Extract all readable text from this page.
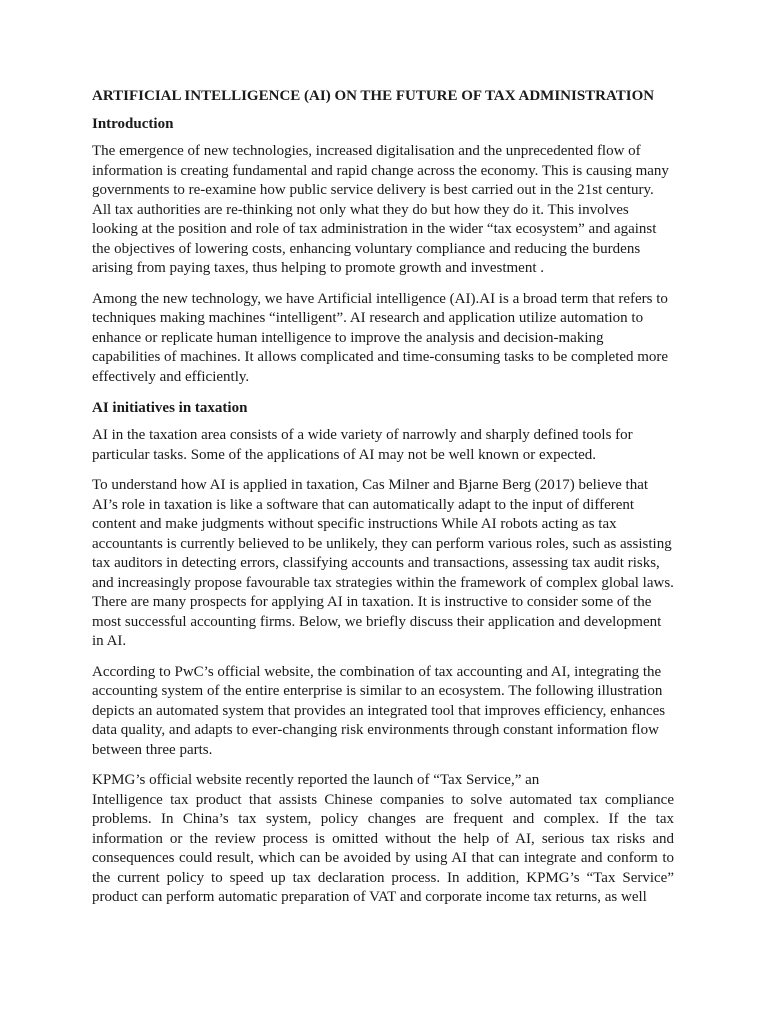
ARTIFICIAL INTELLIGENCE (AI) ON THE FUTURE OF TAX ADMINISTRATION
Introduction

The emergence of new technologies, increased digitalisation and the unprecedented flow of information is creating fundamental and rapid change across the economy. This is causing many governments to re-examine how public service delivery is best carried out in the 21st century. All tax authorities are re-thinking not only what they do but how they do it. This involves looking at the position and role of tax administration in the wider “tax ecosystem” and against the objectives of lowering costs, enhancing voluntary compliance and reducing the burdens arising from paying taxes, thus helping to promote growth and investment .

Among the new technology, we have Artificial intelligence (AI).AI is a broad term that refers to techniques making machines “intelligent”. AI research and application utilize automation to enhance or replicate human intelligence to improve the analysis and decision-making capabilities of machines. It allows complicated and time-consuming tasks to be completed more effectively and efficiently.

AI initiatives in taxation

AI in the taxation area consists of a wide variety of narrowly and sharply defined tools for particular tasks. Some of the applications of AI may not be well known or expected.

To understand how AI is applied in taxation, Cas Milner and Bjarne Berg (2017) believe that AI’s role in taxation is like a software that can automatically adapt to the input of different content and make judgments without specific instructions While AI robots acting as tax accountants is currently believed to be unlikely, they can perform various roles, such as assisting tax auditors in detecting errors, classifying accounts and transactions, assessing tax audit risks, and increasingly propose favourable tax strategies within the framework of complex global laws. There are many prospects for applying AI in taxation. It is instructive to consider some of the most successful accounting firms. Below, we briefly discuss their application and development in AI.

According to PwC’s official website, the combination of tax accounting and AI, integrating the accounting system of the entire enterprise is similar to an ecosystem. The following illustration depicts an automated system that provides an integrated tool that improves efficiency, enhances data quality, and adapts to ever-changing risk environments through constant information flow between three parts.

KPMG’s official website recently reported the launch of “Tax Service,” an

Intelligence tax product that assists Chinese companies to solve automated tax compliance problems. In China’s tax system, policy changes are frequent and complex. If the tax information or the review process is omitted without the help of AI, serious tax risks and consequences could result, which can be avoided by using AI that can integrate and conform to the current policy to speed up tax declaration process. In addition, KPMG’s “Tax Service” product can perform automatic preparation of VAT and corporate income tax returns, as well
